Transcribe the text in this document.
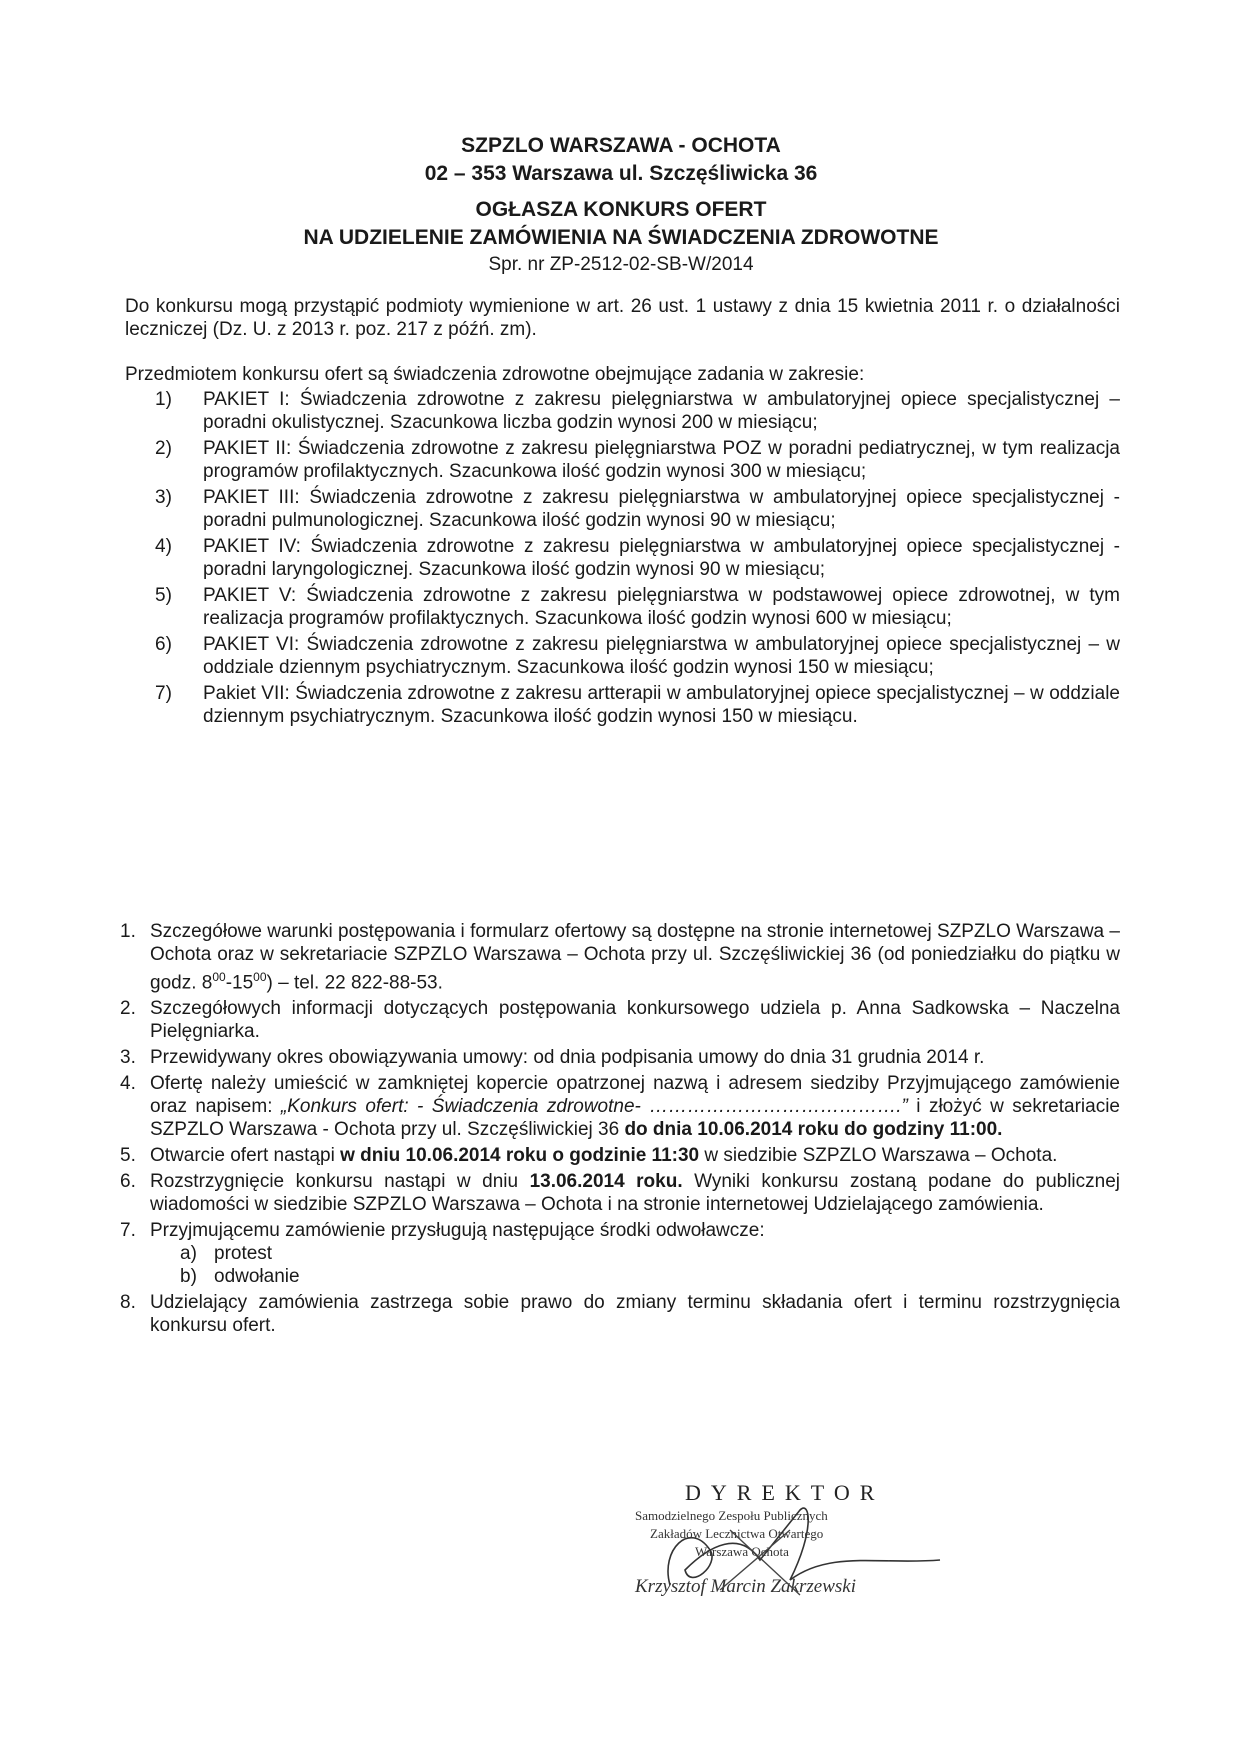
SZPZLO WARSZAWA - OCHOTA
02 – 353 Warszawa ul. Szczęśliwicka 36
OGŁASZA KONKURS OFERT
NA UDZIELENIE ZAMÓWIENIA NA ŚWIADCZENIA ZDROWOTNE
Spr. nr ZP-2512-02-SB-W/2014
Do konkursu mogą przystąpić podmioty wymienione w art. 26 ust. 1 ustawy z dnia 15 kwietnia 2011 r. o działalności leczniczej (Dz. U. z 2013 r. poz. 217 z późń. zm).
Przedmiotem konkursu ofert są świadczenia zdrowotne obejmujące zadania w zakresie:
1) PAKIET I: Świadczenia zdrowotne z zakresu pielęgniarstwa w ambulatoryjnej opiece specjalistycznej – poradni okulistycznej. Szacunkowa liczba godzin wynosi 200 w miesiącu;
2) PAKIET II: Świadczenia zdrowotne z zakresu pielęgniarstwa POZ w poradni pediatrycznej, w tym realizacja programów profilaktycznych. Szacunkowa ilość godzin wynosi 300 w miesiącu;
3) PAKIET III: Świadczenia zdrowotne z zakresu pielęgniarstwa w ambulatoryjnej opiece specjalistycznej -poradni pulmunologicznej. Szacunkowa ilość godzin wynosi 90 w miesiącu;
4) PAKIET IV: Świadczenia zdrowotne z zakresu pielęgniarstwa w ambulatoryjnej opiece specjalistycznej -poradni laryngologicznej. Szacunkowa ilość godzin wynosi 90 w miesiącu;
5) PAKIET V: Świadczenia zdrowotne z zakresu pielęgniarstwa w podstawowej opiece zdrowotnej, w tym realizacja programów profilaktycznych. Szacunkowa ilość godzin wynosi 600 w miesiącu;
6) PAKIET VI: Świadczenia zdrowotne z zakresu pielęgniarstwa w ambulatoryjnej opiece specjalistycznej – w oddziale dziennym psychiatrycznym. Szacunkowa ilość godzin wynosi 150 w miesiącu;
7) Pakiet VII: Świadczenia zdrowotne z zakresu artterapii w ambulatoryjnej opiece specjalistycznej – w oddziale dziennym psychiatrycznym. Szacunkowa ilość godzin wynosi 150 w miesiącu.
1. Szczegółowe warunki postępowania i formularz ofertowy są dostępne na stronie internetowej SZPZLO Warszawa – Ochota oraz w sekretariacie SZPZLO Warszawa – Ochota przy ul. Szczęśliwickiej 36 (od poniedziałku do piątku w godz. $8^{00}-15^{00}$) – tel. 22 822-88-53.
2. Szczegółowych informacji dotyczących postępowania konkursowego udziela p. Anna Sadkowska – Naczelna Pielęgniarka.
3. Przewidywany okres obowiązywania umowy: od dnia podpisania umowy do dnia 31 grudnia 2014 r.
4. Ofertę należy umieścić w zamkniętej kopercie opatrzonej nazwą i adresem siedziby Przyjmującego zamówienie oraz napisem: „Konkurs ofert: - Świadczenia zdrowotne- ………………………………….” i złożyć w sekretariacie SZPZLO Warszawa - Ochota przy ul. Szczęśliwickiej 36 do dnia 10.06.2014 roku do godziny 11:00.
5. Otwarcie ofert nastąpi w dniu 10.06.2014 roku o godzinie 11:30 w siedzibie SZPZLO Warszawa – Ochota.
6. Rozstrzygnięcie konkursu nastąpi w dniu 13.06.2014 roku. Wyniki konkursu zostaną podane do publicznej wiadomości w siedzibie SZPZLO Warszawa – Ochota i na stronie internetowej Udzielającego zamówienia.
7. Przyjmującemu zamówienie przysługują następujące środki odwoławcze:
a) protest
b) odwołanie
8. Udzielający zamówienia zastrzega sobie prawo do zmiany terminu składania ofert i terminu rozstrzygnięcia konkursu ofert.
DYREKTOR
Samodzielnego Zespołu Publicznych
Zakładów Lecznictwa Otwartego
Warszawa Ochota
Krzysztof Marcin Zakrzewski
